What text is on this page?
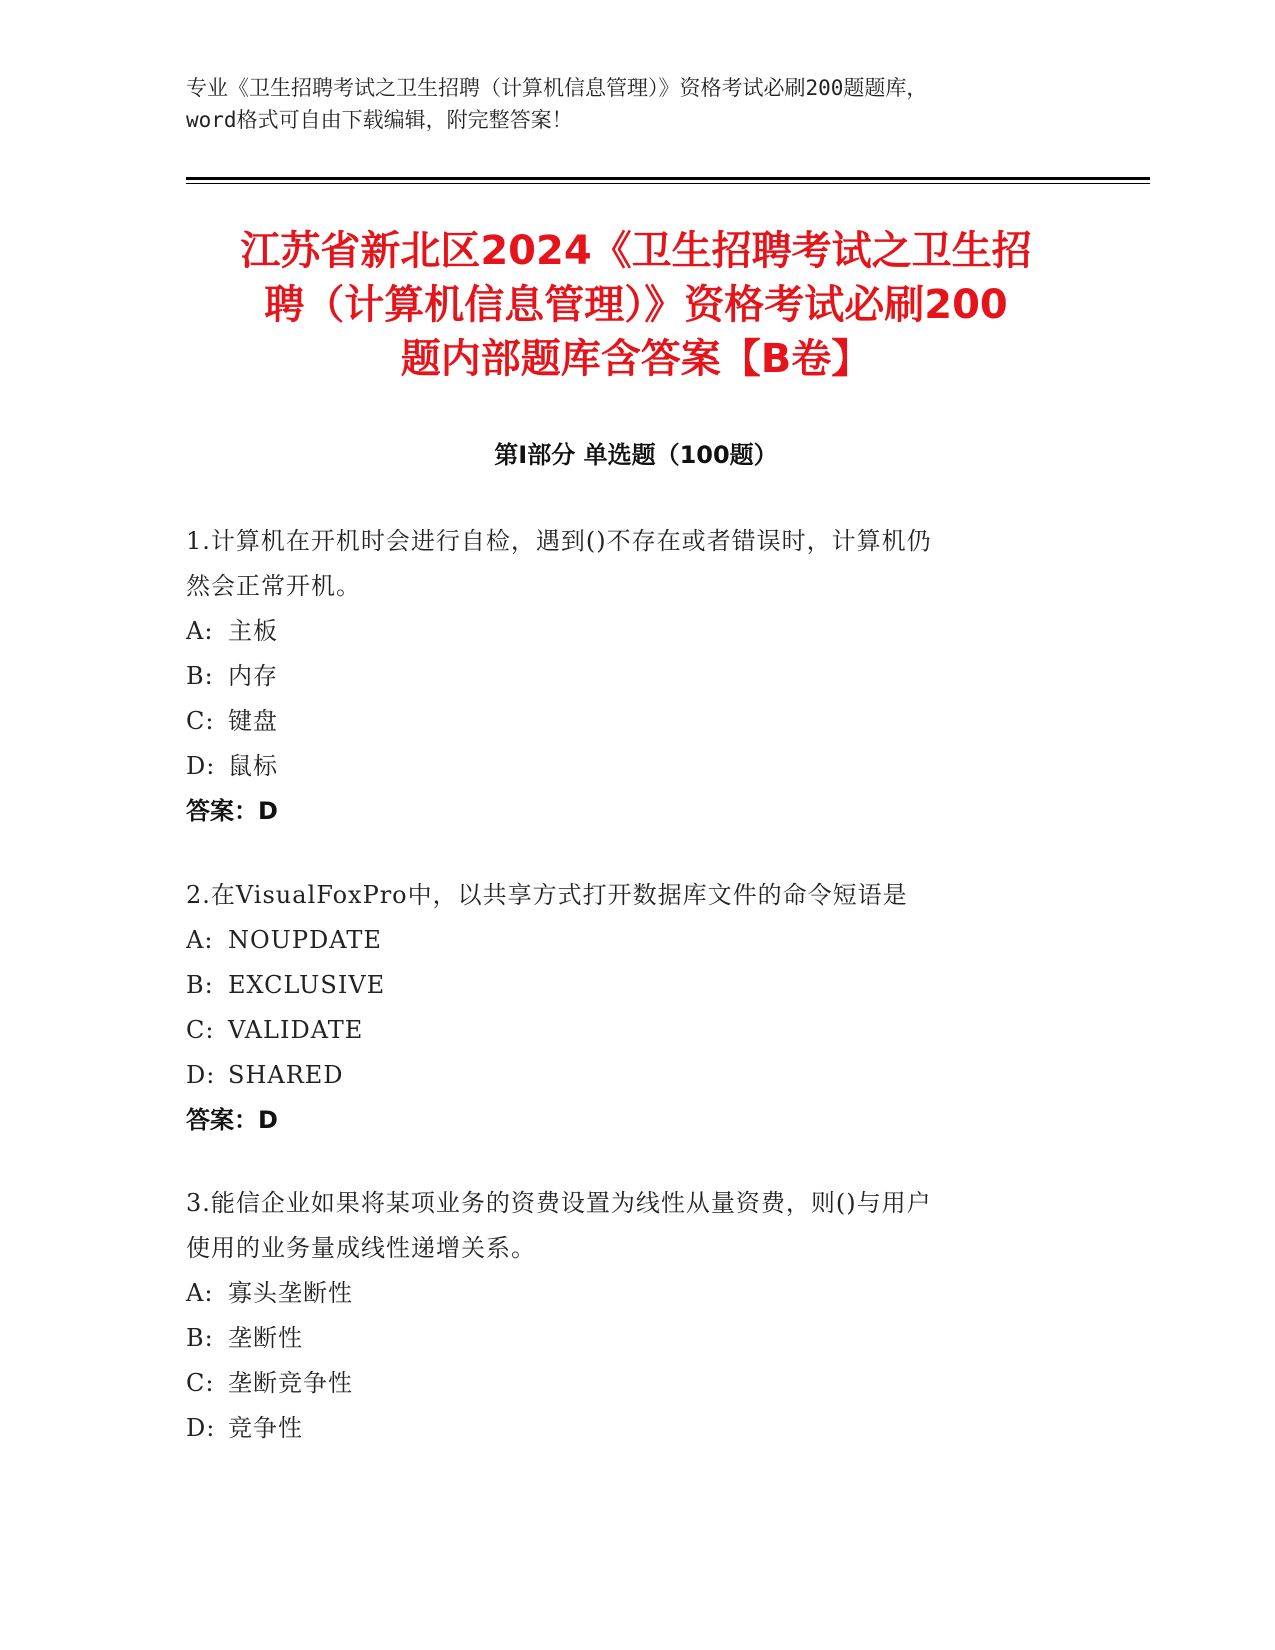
专业《卫生招聘考试之卫生招聘（计算机信息管理）》资格考试必刷200题题库，
word格式可自由下载编辑，附完整答案！
江苏省新北区2024《卫生招聘考试之卫生招
聘（计算机信息管理）》资格考试必刷200
题内部题库含答案【B卷】
第Ⅰ部分 单选题（100题）
1.计算机在开机时会进行自检，遇到()不存在或者错误时，计算机仍
然会正常开机。
A: 主板
B: 内存
C: 键盘
D: 鼠标
答案：D
2.在VisualFoxPro中，以共享方式打开数据库文件的命令短语是
A: NOUPDATE
B: EXCLUSIVE
C: VALIDATE
D: SHARED
答案：D
3.能信企业如果将某项业务的资费设置为线性从量资费，则()与用户
使用的业务量成线性递增关系。
A: 寡头垄断性
B: 垄断性
C: 垄断竞争性
D: 竞争性
